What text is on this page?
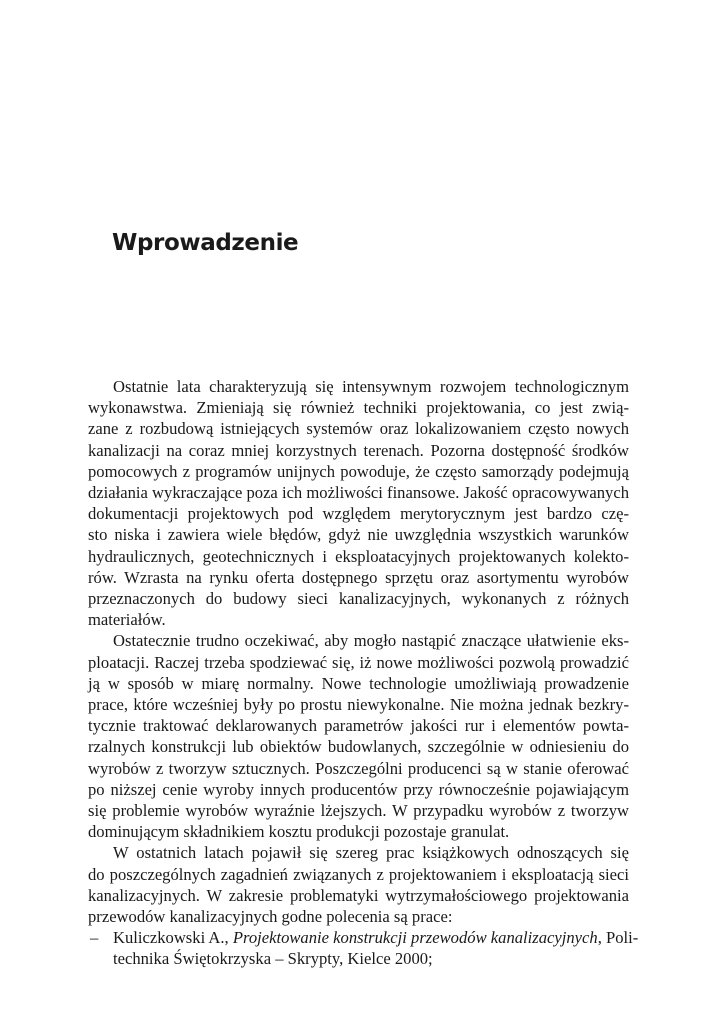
Wprowadzenie
Ostatnie lata charakteryzują się intensywnym rozwojem technologicznym
wykonawstwa. Zmieniają się również techniki projektowania, co jest zwią-
zane z rozbudową istniejących systemów oraz lokalizowaniem często nowych
kanalizacji na coraz mniej korzystnych terenach. Pozorna dostępność środków
pomocowych z programów unijnych powoduje, że często samorządy podejmują
działania wykraczające poza ich możliwości finansowe. Jakość opracowywanych
dokumentacji projektowych pod względem merytorycznym jest bardzo czę-
sto niska i zawiera wiele błędów, gdyż nie uwzględnia wszystkich warunków
hydraulicznych, geotechnicznych i eksploatacyjnych projektowanych kolekto-
rów. Wzrasta na rynku oferta dostępnego sprzętu oraz asortymentu wyrobów
przeznaczonych do budowy sieci kanalizacyjnych, wykonanych z różnych
materiałów.
Ostatecznie trudno oczekiwać, aby mogło nastąpić znaczące ułatwienie eks-
ploatacji. Raczej trzeba spodziewać się, iż nowe możliwości pozwolą prowadzić
ją w sposób w miarę normalny. Nowe technologie umożliwiają prowadzenie
prace, które wcześniej były po prostu niewykonalne. Nie można jednak bezkry-
tycznie traktować deklarowanych parametrów jakości rur i elementów powta-
rzalnych konstrukcji lub obiektów budowlanych, szczególnie w odniesieniu do
wyrobów z tworzyw sztucznych. Poszczególni producenci są w stanie oferować
po niższej cenie wyroby innych producentów przy równocześnie pojawiającym
się problemie wyrobów wyraźnie lżejszych. W przypadku wyrobów z tworzyw
dominującym składnikiem kosztu produkcji pozostaje granulat.
W ostatnich latach pojawił się szereg prac książkowych odnoszących się
do poszczególnych zagadnień związanych z projektowaniem i eksploatacją sieci
kanalizacyjnych. W zakresie problematyki wytrzymałościowego projektowania
przewodów kanalizacyjnych godne polecenia są prace:
– Kuliczkowski A., Projektowanie konstrukcji przewodów kanalizacyjnych, Poli-
technika Świętokrzyska – Skrypty, Kielce 2000;
